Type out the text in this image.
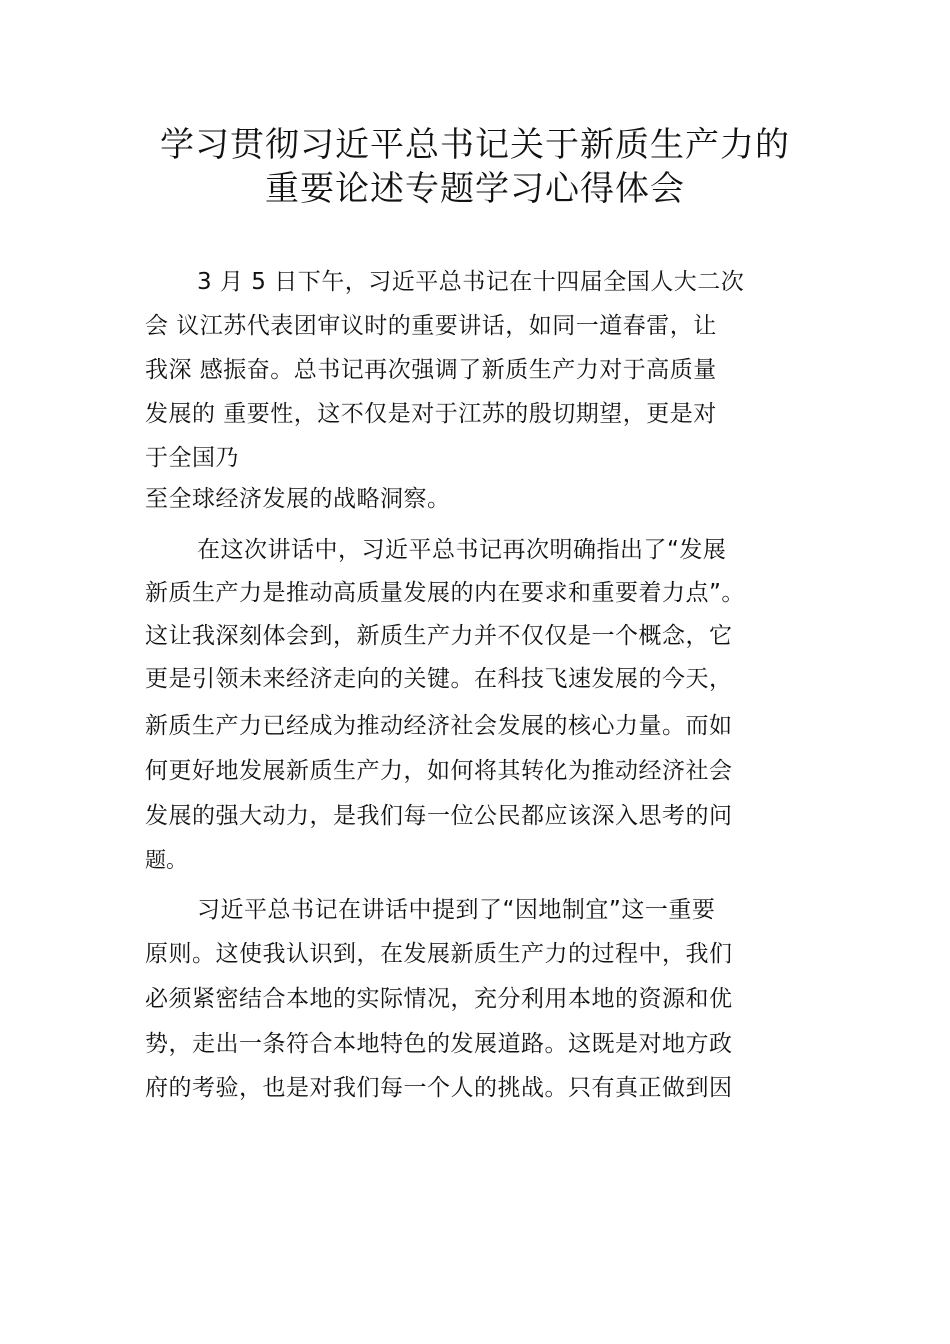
学习贯彻习近平总书记关于新质生产力的
重要论述专题学习心得体会
3 月 5 日下午，习近平总书记在十四届全国人大二次
会 议江苏代表团审议时的重要讲话，如同一道春雷，让
我深 感振奋。总书记再次强调了新质生产力对于高质量
发展的 重要性，这不仅是对于江苏的殷切期望，更是对
于全国乃
至全球经济发展的战略洞察。
在这次讲话中，习近平总书记再次明确指出了“发展
新质生产力是推动高质量发展的内在要求和重要着力点”。
这让我深刻体会到，新质生产力并不仅仅是一个概念，它
更是引领未来经济走向的关键。在科技飞速发展的今天，
新质生产力已经成为推动经济社会发展的核心力量。而如
何更好地发展新质生产力，如何将其转化为推动经济社会
发展的强大动力，是我们每一位公民都应该深入思考的问
题。
习近平总书记在讲话中提到了“因地制宜”这一重要
原则。这使我认识到，在发展新质生产力的过程中，我们
必须紧密结合本地的实际情况，充分利用本地的资源和优
势，走出一条符合本地特色的发展道路。这既是对地方政
府的考验，也是对我们每一个人的挑战。只有真正做到因
